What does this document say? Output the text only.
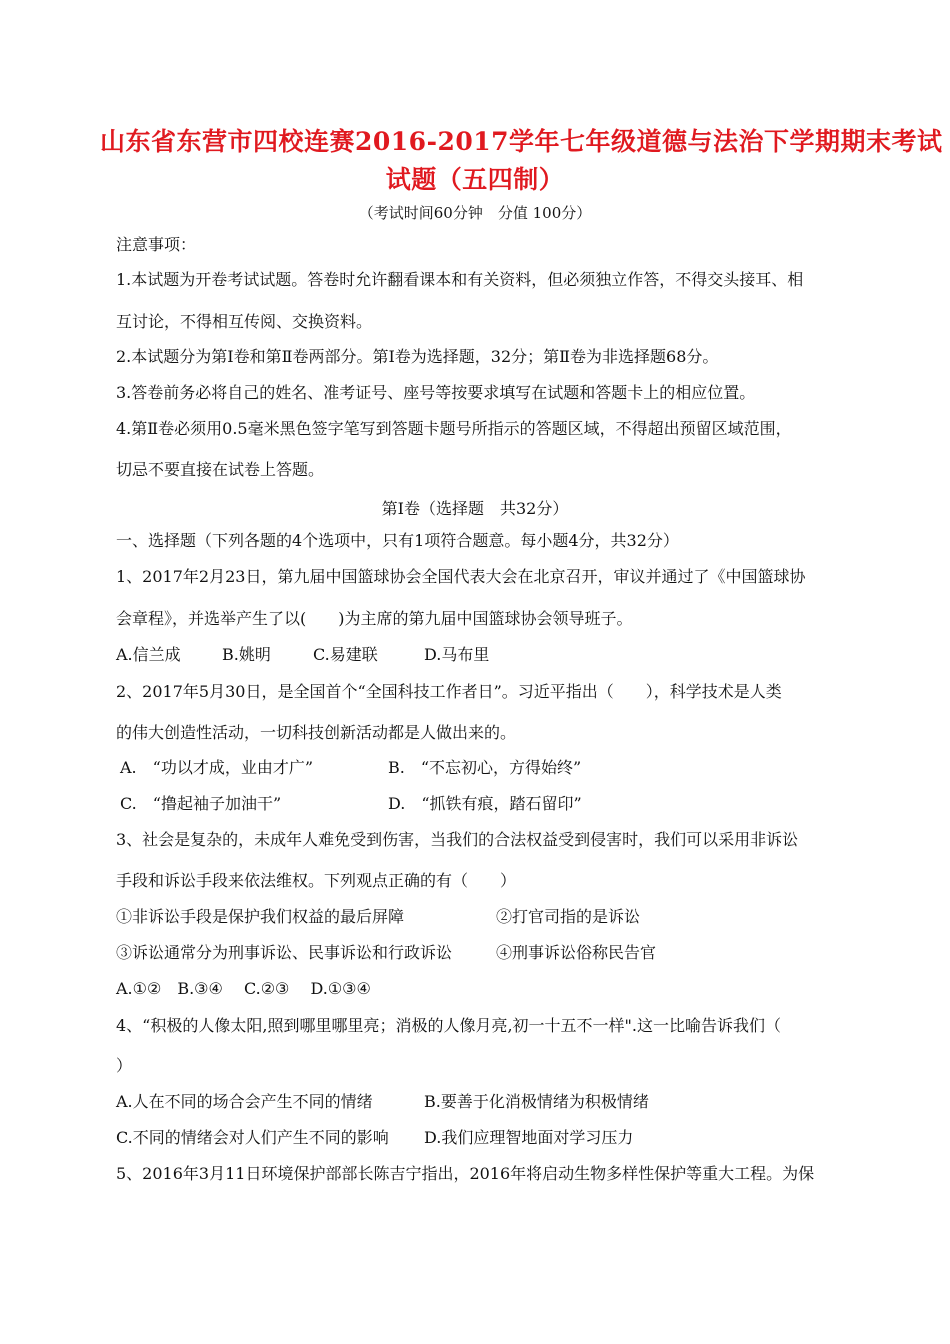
山东省东营市四校连赛2016-2017学年七年级道德与法治下学期期末考试
试题（五四制）
（考试时间60分钟　分值 100分）
注意事项：
1.本试题为开卷考试试题。答卷时允许翻看课本和有关资料，但必须独立作答，不得交头接耳、相
互讨论，不得相互传阅、交换资料。
2.本试题分为第Ⅰ卷和第Ⅱ卷两部分。第Ⅰ卷为选择题，32分；第Ⅱ卷为非选择题68分。
3.答卷前务必将自己的姓名、准考证号、座号等按要求填写在试题和答题卡上的相应位置。
4.第Ⅱ卷必须用0.5毫米黑色签字笔写到答题卡题号所指示的答题区域，不得超出预留区域范围，
切忌不要直接在试卷上答题。
第Ⅰ卷（选择题　共32分）
一、选择题（下列各题的4个选项中，只有1项符合题意。每小题4分，共32分）
1、2017年2月23日，第九届中国篮球协会全国代表大会在北京召开，审议并通过了《中国篮球协
会章程》，并选举产生了以(　　)为主席的第九届中国篮球协会领导班子。
A.信兰成	B.姚明	C.易建联	D.马布里
2、2017年5月30日，是全国首个“全国科技工作者日”。习近平指出（　　），科学技术是人类
的伟大创造性活动，一切科技创新活动都是人做出来的。
A.　“功以才成，业由才广”	B.　“不忘初心，方得始终”
C.　“撸起袖子加油干”	D.　“抓铁有痕，踏石留印”
3、社会是复杂的，未成年人难免受到伤害，当我们的合法权益受到侵害时，我们可以采用非诉讼
手段和诉讼手段来依法维权。下列观点正确的有（　　）
①非诉讼手段是保护我们权益的最后屏障	②打官司指的是诉讼
③诉讼通常分为刑事诉讼、民事诉讼和行政诉讼	④刑事诉讼俗称民告官
A.①②　B.③④　 C.②③　 D.①③④
4、“积极的人像太阳,照到哪里哪里亮；消极的人像月亮,初一十五不一样".这一比喻告诉我们（
）
A.人在不同的场合会产生不同的情绪	B.要善于化消极情绪为积极情绪
C.不同的情绪会对人们产生不同的影响 D.我们应理智地面对学习压力
5、2016年3月11日环境保护部部长陈吉宁指出，2016年将启动生物多样性保护等重大工程。为保
